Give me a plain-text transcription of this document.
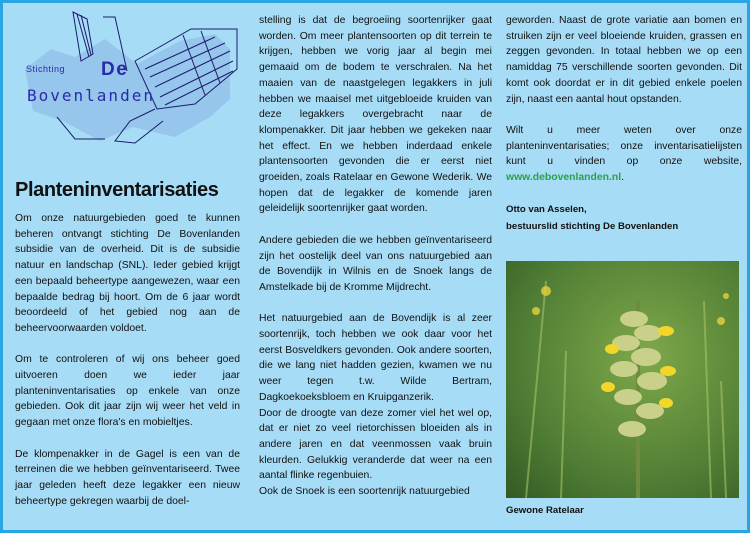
Stichting De
Bovenlanden
Planteninventarisaties

Om onze natuurgebieden goed te kunnen beheren ontvangt stichting De Bovenlanden subsidie van de overheid. Dit is de subsidie natuur en landschap (SNL). Ieder gebied krijgt een bepaald beheertype aangewezen, waar een bepaalde bedrag bij hoort. Om de 6 jaar wordt beoordeeld of het gebied nog aan de beheervoorwaarden voldoet.

Om te controleren of wij ons beheer goed uitvoeren doen we ieder jaar planteninventarisaties op enkele van onze gebieden. Ook dit jaar zijn wij weer het veld in gegaan met onze flora's en mobieltjes.

De klompenakker in de Gagel is een van de terreinen die we hebben geïnventariseerd. Twee jaar geleden heeft deze legakker een nieuw beheertype gekregen waarbij de doel-

stelling is dat de begroeiing soortenrijker gaat worden. Om meer plantensoorten op dit terrein te krijgen, hebben we vorig jaar al begin mei gemaaid om de bodem te verschralen. Na het maaien van de naastgelegen legakkers in juli hebben we maaisel met uitgebloeide kruiden van deze legakkers overgebracht naar de klompenakker. Dit jaar hebben we gekeken naar het effect. En we hebben inderdaad enkele plantensoorten gevonden die er eerst niet groeiden, zoals Ratelaar en Gewone Wederik. We hopen dat de legakker de komende jaren geleidelijk soortenrijker gaat worden.

Andere gebieden die we hebben geïnventariseerd zijn het oostelijk deel van ons natuurgebied aan de Bovendijk in Wilnis en de Snoek langs de Amstelkade bij de Kromme Mijdrecht.

Het natuurgebied aan de Bovendijk is al zeer soortenrijk, toch hebben we ook daar voor het eerst Bosveldkers gevonden. Ook andere soorten, die we lang niet hadden gezien, kwamen we nu weer tegen t.w. Wilde Bertram, Dagkoekoeksbloem en Kruipganzerik.

Door de droogte van deze zomer viel het wel op, dat er niet zo veel rietorchissen bloeiden als in andere jaren en dat veenmossen vaak bruin kleurden. Gelukkig veranderde dat weer na een aantal flinke regenbuien.

Ook de Snoek is een soortenrijk natuurgebied

geworden. Naast de grote variatie aan bomen en struiken zijn er veel bloeiende kruiden, grassen en zeggen gevonden. In totaal hebben we op een namiddag 75 verschillende soorten gevonden. Dit komt ook doordat er in dit gebied enkele poelen zijn, naast een aantal hout opstanden.

Wilt u meer weten over onze planteninventarisaties; onze inventarisatielijsten kunt u vinden op onze website, www.debovenlanden.nl.

Otto van Asselen,
bestuurslid stichting De Bovenlanden
Gewone Ratelaar
